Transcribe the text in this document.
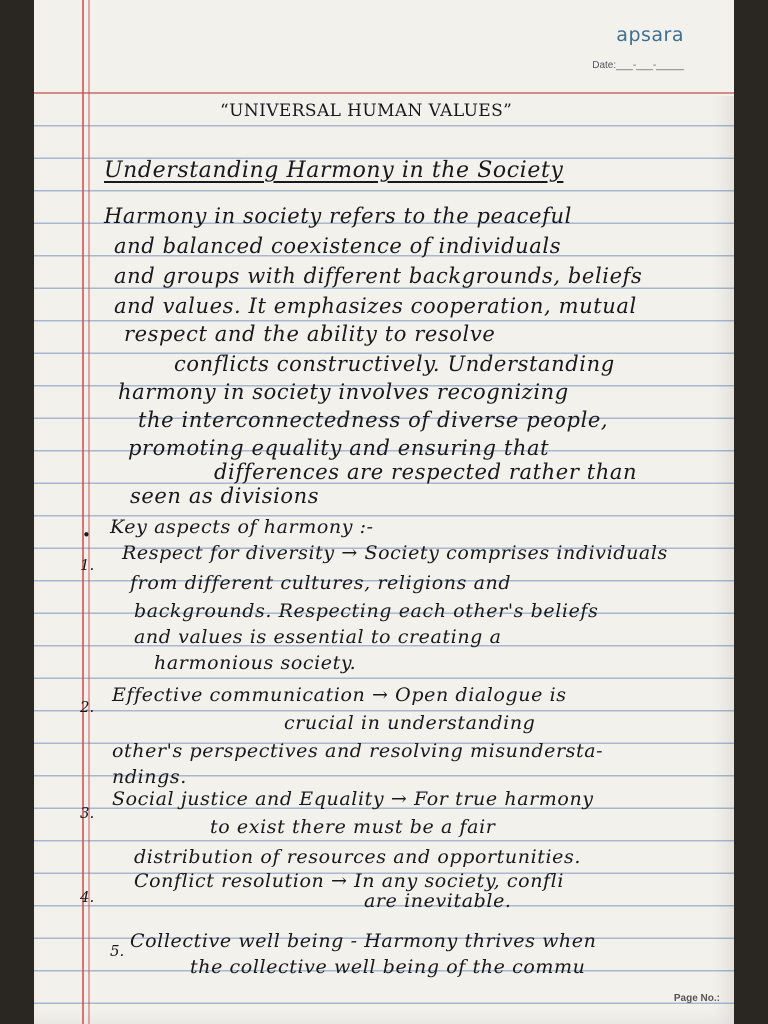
apsara
Date:___-___-_____
“UNIVERSAL HUMAN VALUES”
Understanding Harmony in the Society
Harmony in society refers to the peaceful
and balanced coexistence of individuals
and groups with different backgrounds, beliefs
and values. It emphasizes cooperation, mutual
respect and the ability to resolve
conflicts constructively. Understanding
harmony in society involves recognizing
the interconnectedness of diverse people,
promoting equality and ensuring that
differences are respected rather than
seen as divisions
• Key aspects of harmony :-
1.
Respect for diversity → Society comprises individuals
from different cultures, religions and
backgrounds. Respecting each other's beliefs
and values is essential to creating a
harmonious society.
2.
Effective communication → Open dialogue is
crucial in understanding
other's perspectives and resolving misundersta-
ndings.
3.
Social justice and Equality → For true harmony
to exist there must be a fair
distribution of resources and opportunities.
4.
Conflict resolution → In any society, confli
are inevitable.
5. Collective well being - Harmony thrives when
the collective well being of the commu
Page No.:
